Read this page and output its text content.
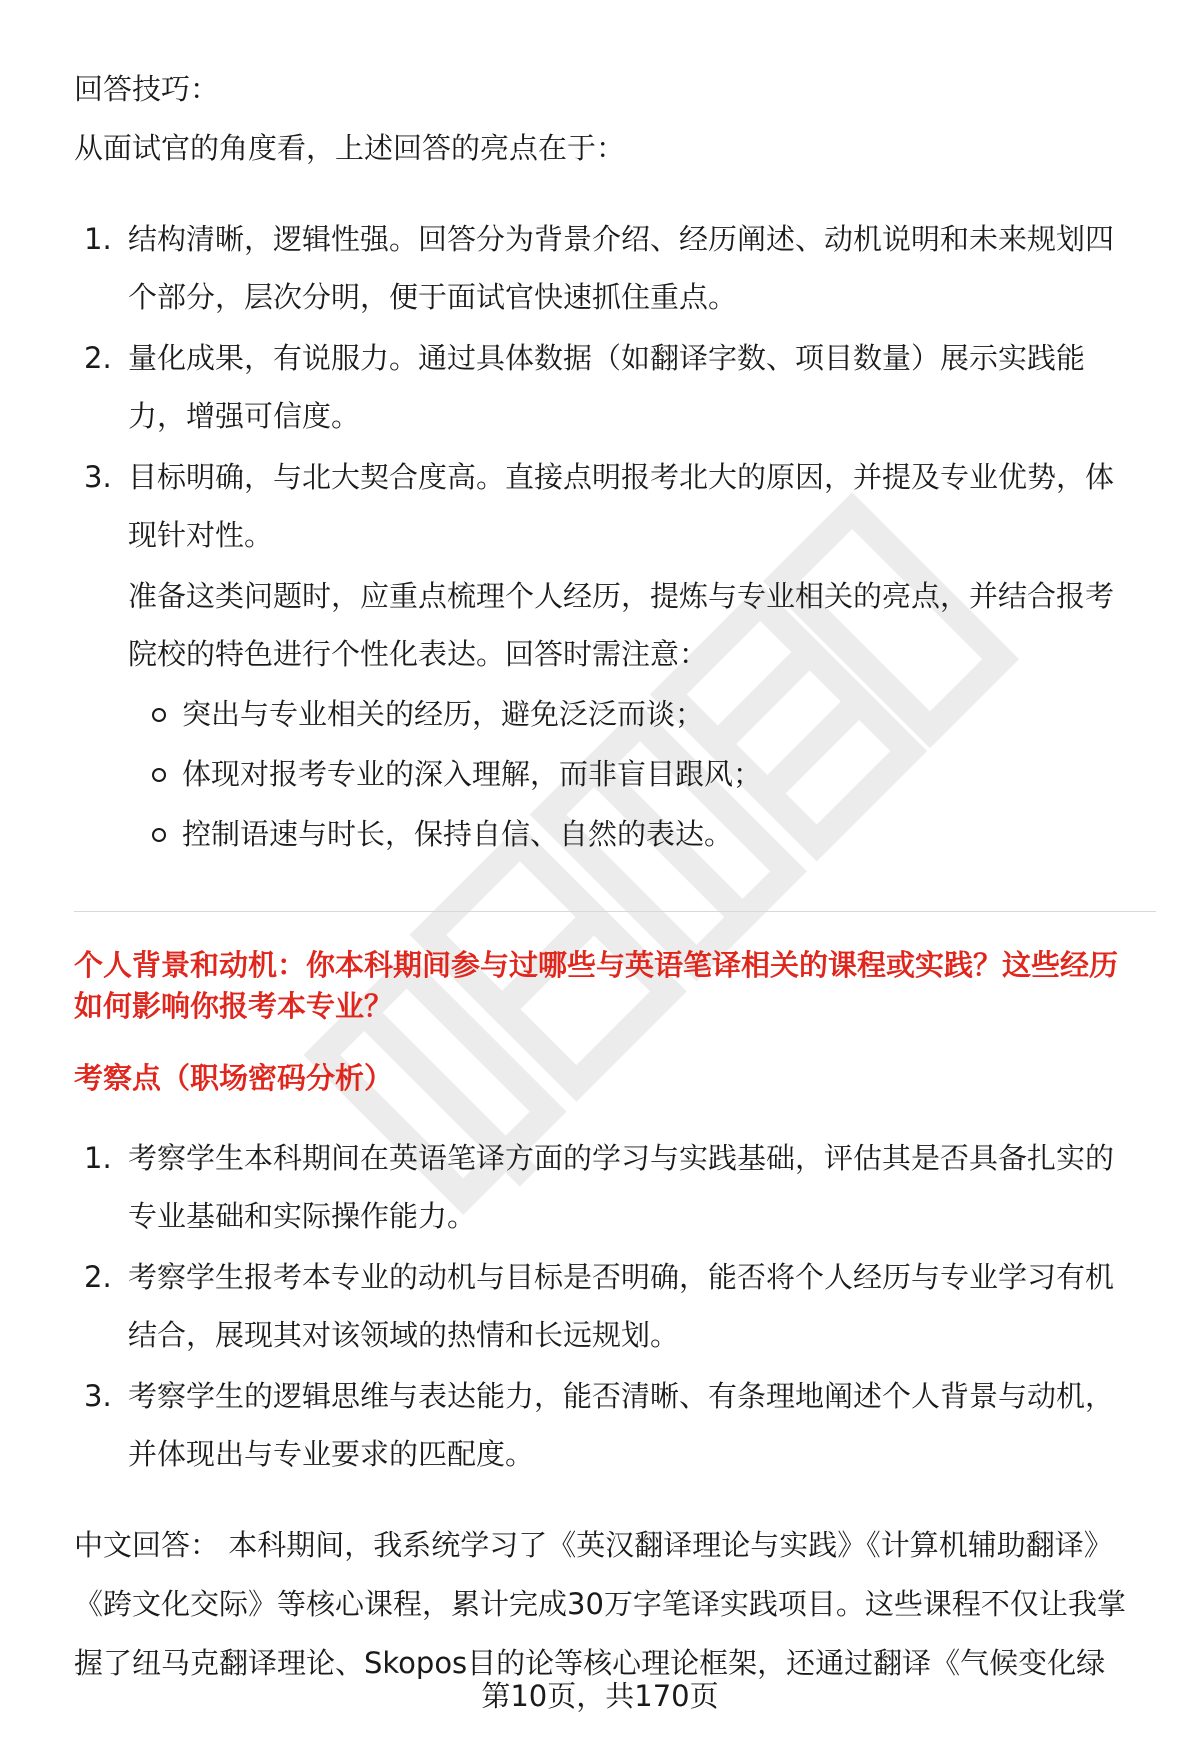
回答技巧：
从面试官的角度看，上述回答的亮点在于：
1. 结构清晰，逻辑性强。回答分为背景介绍、经历阐述、动机说明和未来规划四
个部分，层次分明，便于面试官快速抓住重点。
2. 量化成果，有说服力。通过具体数据（如翻译字数、项目数量）展示实践能
力，增强可信度。
3. 目标明确，与北大契合度高。直接点明报考北大的原因，并提及专业优势，体
现针对性。
准备这类问题时，应重点梳理个人经历，提炼与专业相关的亮点，并结合报考
院校的特色进行个性化表达。回答时需注意：
突出与专业相关的经历，避免泛泛而谈；
体现对报考专业的深入理解，而非盲目跟风；
控制语速与时长，保持自信、自然的表达。
个人背景和动机：你本科期间参与过哪些与英语笔译相关的课程或实践？这些经历
如何影响你报考本专业？
考察点（职场密码分析）
1. 考察学生本科期间在英语笔译方面的学习与实践基础，评估其是否具备扎实的
专业基础和实际操作能力。
2. 考察学生报考本专业的动机与目标是否明确，能否将个人经历与专业学习有机
结合，展现其对该领域的热情和长远规划。
3. 考察学生的逻辑思维与表达能力，能否清晰、有条理地阐述个人背景与动机，
并体现出与专业要求的匹配度。
中文回答： 本科期间，我系统学习了《英汉翻译理论与实践》《计算机辅助翻译》
《跨文化交际》等核心课程，累计完成30万字笔译实践项目。这些课程不仅让我掌
握了纽马克翻译理论、Skopos目的论等核心理论框架，还通过翻译《气候变化绿
第10页，共170页
